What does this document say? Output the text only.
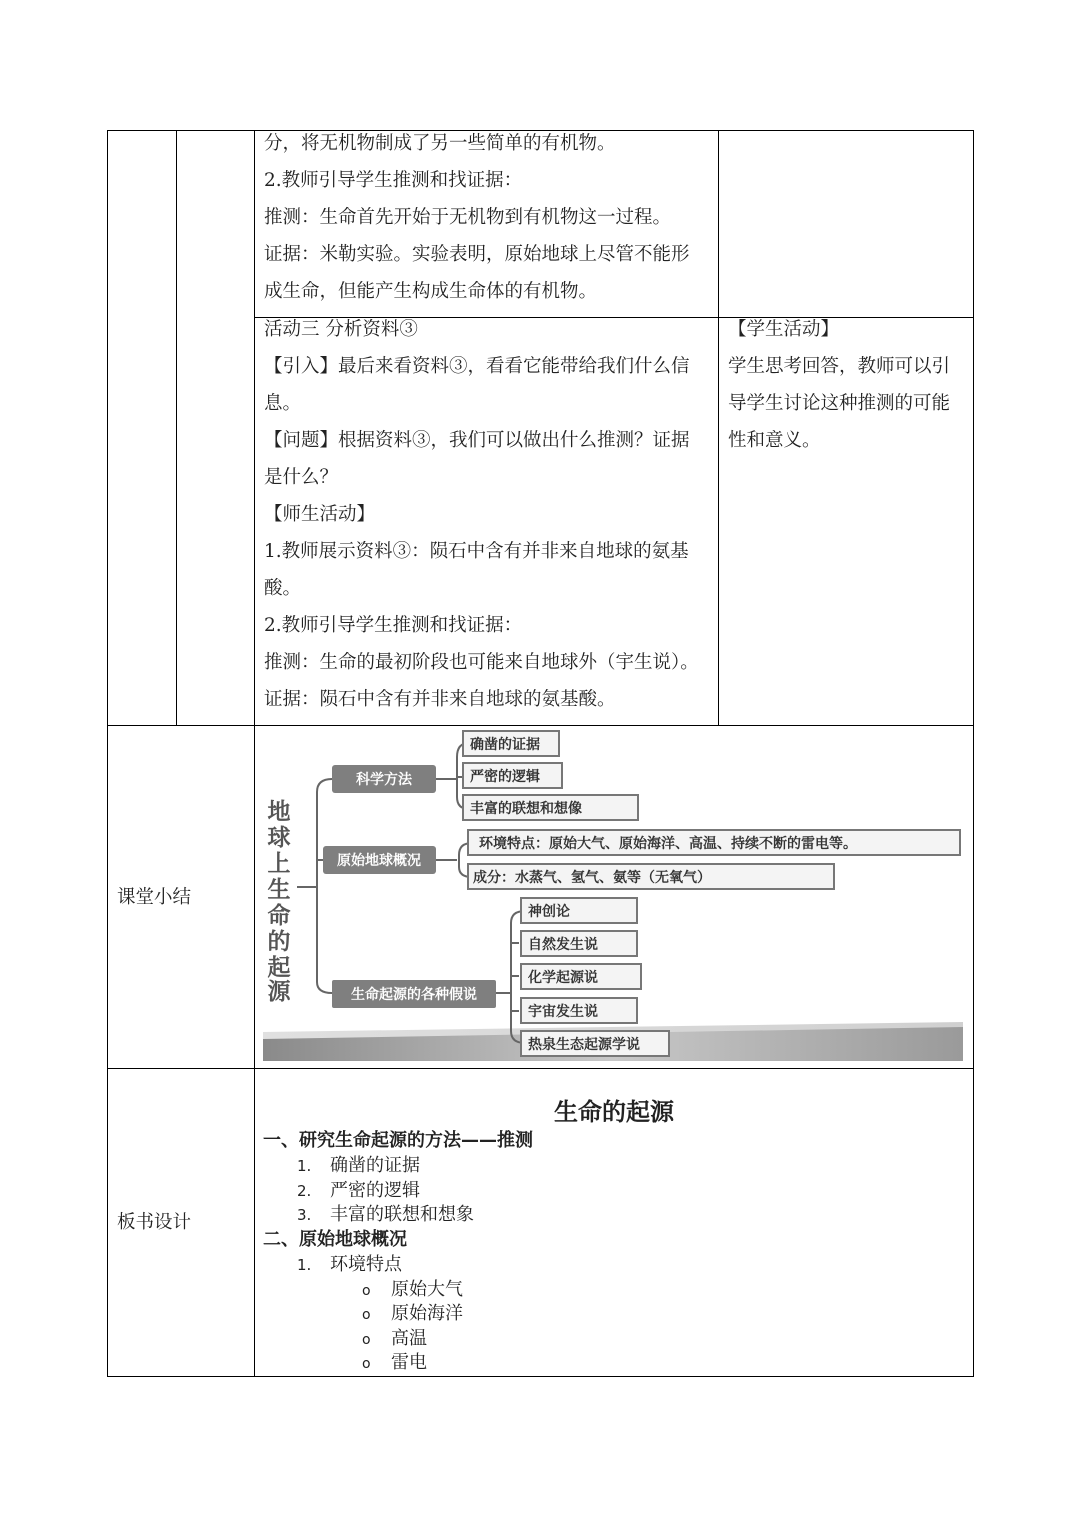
分，将无机物制成了另一些简单的有机物。

2.教师引导学生推测和找证据：

推测：生命首先开始于无机物到有机物这一过程。

证据：米勒实验。实验表明，原始地球上尽管不能形

成生命，但能产生构成生命体的有机物。

活动三 分析资料③

【引入】最后来看资料③，看看它能带给我们什么信

息。

【问题】根据资料③，我们可以做出什么推测？证据

是什么？

【师生活动】

1.教师展示资料③：陨石中含有并非来自地球的氨基

酸。

2.教师引导学生推测和找证据：

推测：生命的最初阶段也可能来自地球外（宇生说）。

证据：陨石中含有并非来自地球的氨基酸。

【学生活动】

学生思考回答，教师可以引

导学生讨论这种推测的可能

性和意义。

课堂小结
地
球
上
生
命
的
起
源
科学方法
原始地球概况
生命起源的各种假说
确凿的证据
严密的逻辑
丰富的联想和想像
环境特点：原始大气、原始海洋、高温、持续不断的雷电等。
成分：水蒸气、氢气、氨等（无氧气）
神创论
自然发生说
化学起源说
宇宙发生说
热泉生态起源学说
板书设计
生命的起源
一、研究生命起源的方法——推测
1. 确凿的证据
2. 严密的逻辑
3. 丰富的联想和想象
二、原始地球概况
1. 环境特点
o 原始大气
o 原始海洋
o 高温
o 雷电
